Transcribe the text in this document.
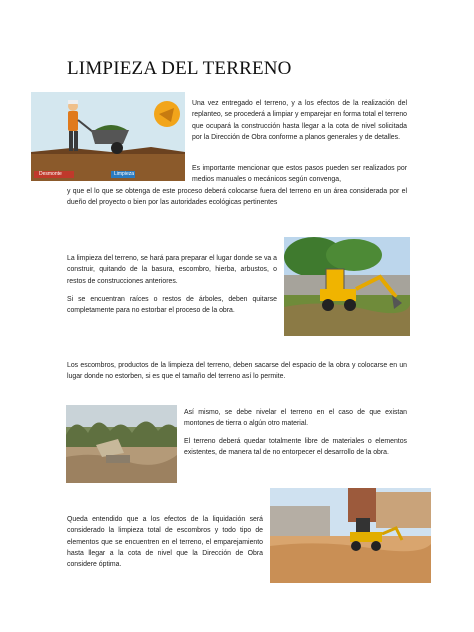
LIMPIEZA DEL TERRENO
Desmonte	Limpieza

Una vez entregado el terreno, y a los efectos de la realización del replanteo, se procederá a limpiar y emparejar en forma total el terreno que ocupará la construcción hasta llegar a la cota de nivel solicitada por la Dirección de Obra conforme a planos generales y de detalles.

Es importante mencionar que estos pasos pueden ser realizados por medios manuales o mecánicos según convenga,

y que el lo que se obtenga de este proceso deberá colocarse fuera del terreno en un área considerada por el dueño del proyecto o bien por las autoridades ecológicas pertinentes

La limpieza del terreno, se hará para preparar el lugar donde se va a construir, quitando de la basura, escombro, hierba, arbustos, o restos de construcciones anteriores.

Si se encuentran raíces o restos de árboles, deben quitarse completamente para no estorbar el proceso de la obra.

Los escombros, productos de la limpieza del terreno, deben sacarse del espacio de la obra y colocarse en un lugar donde no estorben, si es que el tamaño del terreno así lo permite.

Así mismo, se debe nivelar el terreno en el caso de que existan montones de tierra o algún otro material.

El terreno deberá quedar totalmente libre de materiales o elementos existentes, de manera tal de no entorpecer el desarrollo de la obra.

Queda entendido que a los efectos de la liquidación será considerado la limpieza total de escombros y todo tipo de elementos que se encuentren en el terreno, el emparejamiento hasta llegar a la cota de nivel que la Dirección de Obra considere óptima.
